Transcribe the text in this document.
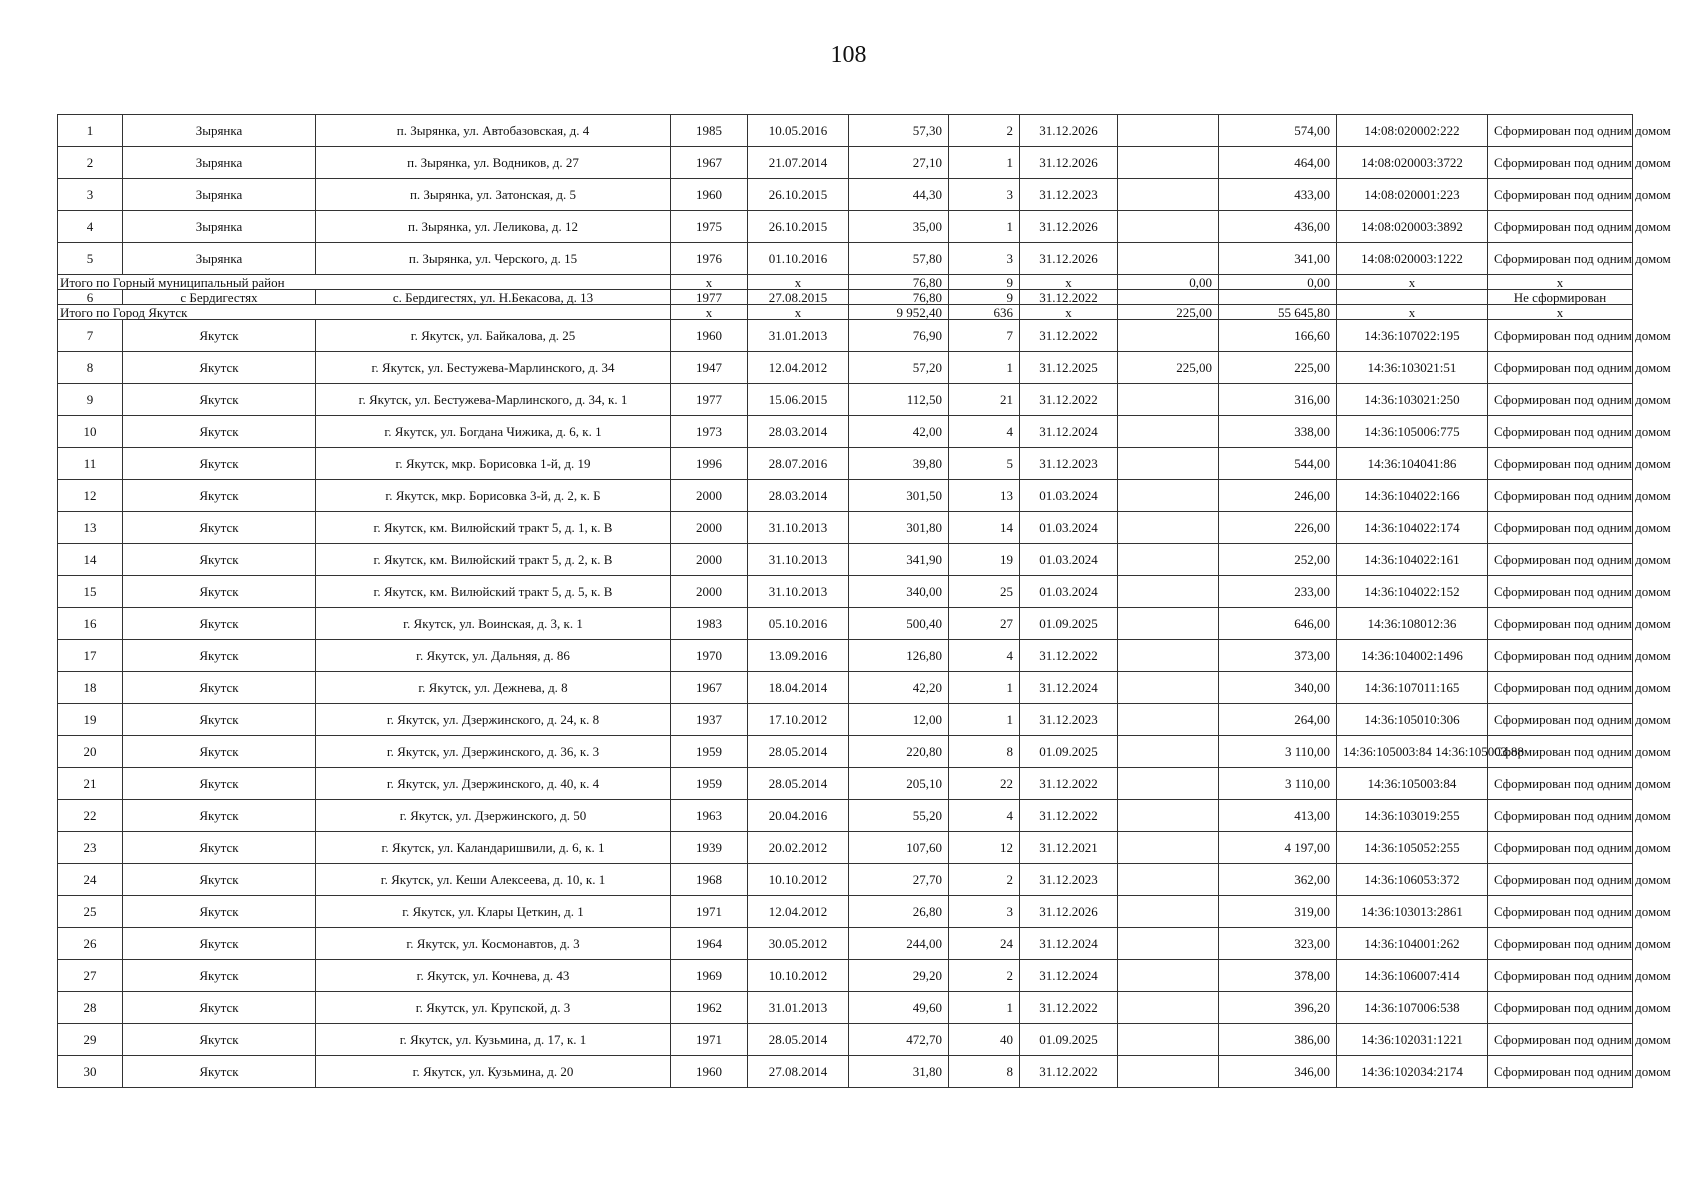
108
1	Зырянка	п. Зырянка, ул. Автобазовская, д. 4	1985	10.05.2016	57,30	2	31.12.2026		574,00	14:08:020002:222	Сформирован под одним домом
2	Зырянка	п. Зырянка, ул. Водников, д. 27	1967	21.07.2014	27,10	1	31.12.2026		464,00	14:08:020003:3722	Сформирован под одним домом
3	Зырянка	п. Зырянка, ул. Затонская, д. 5	1960	26.10.2015	44,30	3	31.12.2023		433,00	14:08:020001:223	Сформирован под одним домом
4	Зырянка	п. Зырянка, ул. Леликова, д. 12	1975	26.10.2015	35,00	1	31.12.2026		436,00	14:08:020003:3892	Сформирован под одним домом
5	Зырянка	п. Зырянка, ул. Черского, д. 15	1976	01.10.2016	57,80	3	31.12.2026		341,00	14:08:020003:1222	Сформирован под одним домом
Итого по Горный муниципальный район			x	x	76,80	9	x	0,00	0,00	x	x
6	с Бердигестях	с. Бердигестях, ул. Н.Бекасова, д. 13	1977	27.08.2015	76,80	9	31.12.2022				Не сформирован
Итого по Город Якутск			x	x	9 952,40	636	x	225,00	55 645,80	x	x
7	Якутск	г. Якутск, ул. Байкалова, д. 25	1960	31.01.2013	76,90	7	31.12.2022		166,60	14:36:107022:195	Сформирован под одним домом
8	Якутск	г. Якутск, ул. Бестужева-Марлинского, д. 34	1947	12.04.2012	57,20	1	31.12.2025	225,00	225,00	14:36:103021:51	Сформирован под одним домом
9	Якутск	г. Якутск, ул. Бестужева-Марлинского, д. 34, к. 1	1977	15.06.2015	112,50	21	31.12.2022		316,00	14:36:103021:250	Сформирован под одним домом
10	Якутск	г. Якутск, ул. Богдана Чижика, д. 6, к. 1	1973	28.03.2014	42,00	4	31.12.2024		338,00	14:36:105006:775	Сформирован под одним домом
11	Якутск	г. Якутск, мкр. Борисовка 1-й, д. 19	1996	28.07.2016	39,80	5	31.12.2023		544,00	14:36:104041:86	Сформирован под одним домом
12	Якутск	г. Якутск, мкр. Борисовка 3-й, д. 2, к. Б	2000	28.03.2014	301,50	13	01.03.2024		246,00	14:36:104022:166	Сформирован под одним домом
13	Якутск	г. Якутск, км. Вилюйский тракт 5, д. 1, к. В	2000	31.10.2013	301,80	14	01.03.2024		226,00	14:36:104022:174	Сформирован под одним домом
14	Якутск	г. Якутск, км. Вилюйский тракт 5, д. 2, к. В	2000	31.10.2013	341,90	19	01.03.2024		252,00	14:36:104022:161	Сформирован под одним домом
15	Якутск	г. Якутск, км. Вилюйский тракт 5, д. 5, к. В	2000	31.10.2013	340,00	25	01.03.2024		233,00	14:36:104022:152	Сформирован под одним домом
16	Якутск	г. Якутск, ул. Воинская, д. 3, к. 1	1983	05.10.2016	500,40	27	01.09.2025		646,00	14:36:108012:36	Сформирован под одним домом
17	Якутск	г. Якутск, ул. Дальняя, д. 86	1970	13.09.2016	126,80	4	31.12.2022		373,00	14:36:104002:1496	Сформирован под одним домом
18	Якутск	г. Якутск, ул. Дежнева, д. 8	1967	18.04.2014	42,20	1	31.12.2024		340,00	14:36:107011:165	Сформирован под одним домом
19	Якутск	г. Якутск, ул. Дзержинского, д. 24, к. 8	1937	17.10.2012	12,00	1	31.12.2023		264,00	14:36:105010:306	Сформирован под одним домом
20	Якутск	г. Якутск, ул. Дзержинского, д. 36, к. 3	1959	28.05.2014	220,80	8	01.09.2025		3 110,00	14:36:105003:84 14:36:105003:88	Сформирован под одним домом
21	Якутск	г. Якутск, ул. Дзержинского, д. 40, к. 4	1959	28.05.2014	205,10	22	31.12.2022		3 110,00	14:36:105003:84	Сформирован под одним домом
22	Якутск	г. Якутск, ул. Дзержинского, д. 50	1963	20.04.2016	55,20	4	31.12.2022		413,00	14:36:103019:255	Сформирован под одним домом
23	Якутск	г. Якутск, ул. Каландаришвили, д. 6, к. 1	1939	20.02.2012	107,60	12	31.12.2021		4 197,00	14:36:105052:255	Сформирован под одним домом
24	Якутск	г. Якутск, ул. Кеши Алексеева, д. 10, к. 1	1968	10.10.2012	27,70	2	31.12.2023		362,00	14:36:106053:372	Сформирован под одним домом
25	Якутск	г. Якутск, ул. Клары Цеткин, д. 1	1971	12.04.2012	26,80	3	31.12.2026		319,00	14:36:103013:2861	Сформирован под одним домом
26	Якутск	г. Якутск, ул. Космонавтов, д. 3	1964	30.05.2012	244,00	24	31.12.2024		323,00	14:36:104001:262	Сформирован под одним домом
27	Якутск	г. Якутск, ул. Кочнева, д. 43	1969	10.10.2012	29,20	2	31.12.2024		378,00	14:36:106007:414	Сформирован под одним домом
28	Якутск	г. Якутск, ул. Крупской, д. 3	1962	31.01.2013	49,60	1	31.12.2022		396,20	14:36:107006:538	Сформирован под одним домом
29	Якутск	г. Якутск, ул. Кузьмина, д. 17, к. 1	1971	28.05.2014	472,70	40	01.09.2025		386,00	14:36:102031:1221	Сформирован под одним домом
30	Якутск	г. Якутск, ул. Кузьмина, д. 20	1960	27.08.2014	31,80	8	31.12.2022		346,00	14:36:102034:2174	Сформирован под одним домом
